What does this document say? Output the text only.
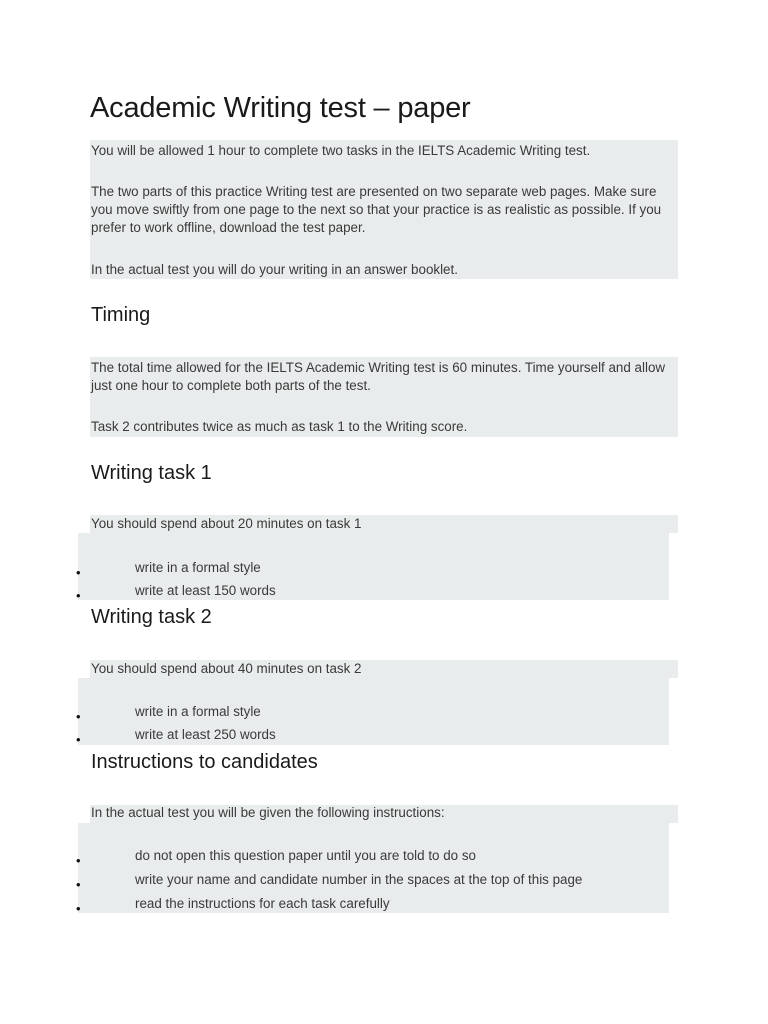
Academic Writing test – paper

You will be allowed 1 hour to complete two tasks in the IELTS Academic Writing test.

The two parts of this practice Writing test are presented on two separate web pages. Make sure you move swiftly from one page to the next so that your practice is as realistic as possible. If you prefer to work offline, download the test paper.

In the actual test you will do your writing in an answer booklet.

Timing

The total time allowed for the IELTS Academic Writing test is 60 minutes. Time yourself and allow just one hour to complete both parts of the test.

Task 2 contributes twice as much as task 1 to the Writing score.

Writing task 1

You should spend about 20 minutes on task 1

•	write in a formal style
•	write at least 150 words
Writing task 2

You should spend about 40 minutes on task 2

•	write in a formal style
•	write at least 250 words
Instructions to candidates

In the actual test you will be given the following instructions:

•	do not open this question paper until you are told to do so
•	write your name and candidate number in the spaces at the top of this page
•	read the instructions for each task carefully
